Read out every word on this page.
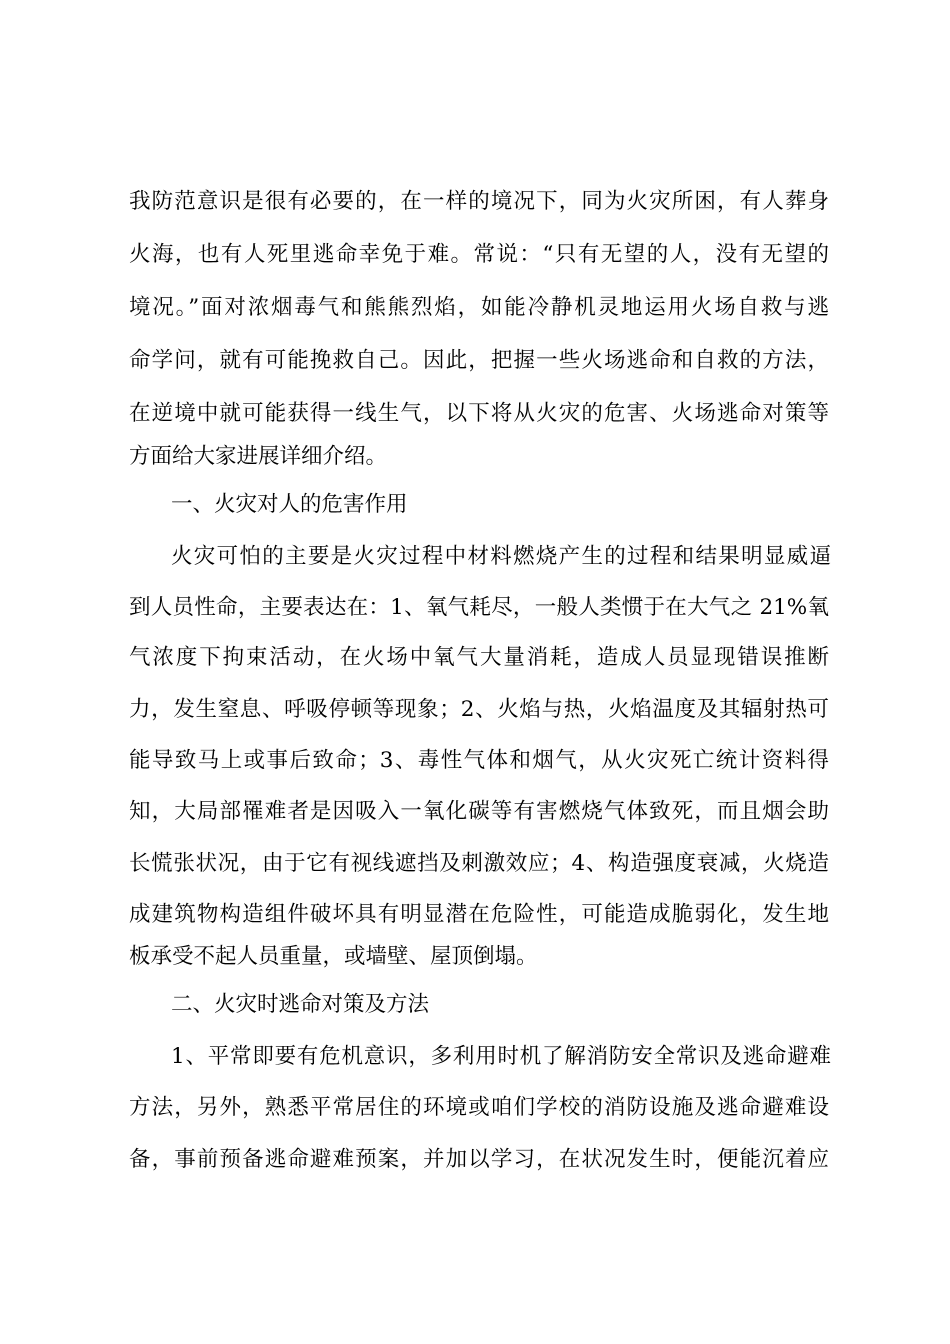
我防范意识是很有必要的，在一样的境况下，同为火灾所困，有人葬身
火海，也有人死里逃命幸免于难。常说：“只有无望的人，没有无望的
境况。”面对浓烟毒气和熊熊烈焰，如能冷静机灵地运用火场自救与逃
命学问，就有可能挽救自己。因此，把握一些火场逃命和自救的方法，
在逆境中就可能获得一线生气，以下将从火灾的危害、火场逃命对策等
方面给大家进展详细介绍。
一、火灾对人的危害作用
火灾可怕的主要是火灾过程中材料燃烧产生的过程和结果明显威逼
到人员性命，主要表达在：1、氧气耗尽，一般人类惯于在大气之 21%氧
气浓度下拘束活动，在火场中氧气大量消耗，造成人员显现错误推断
力，发生窒息、呼吸停顿等现象；2、火焰与热，火焰温度及其辐射热可
能导致马上或事后致命；3、毒性气体和烟气，从火灾死亡统计资料得
知，大局部罹难者是因吸入一氧化碳等有害燃烧气体致死，而且烟会助
长慌张状况，由于它有视线遮挡及刺激效应；4、构造强度衰减，火烧造
成建筑物构造组件破坏具有明显潜在危险性，可能造成脆弱化，发生地
板承受不起人员重量，或墙壁、屋顶倒塌。
二、火灾时逃命对策及方法
1、平常即要有危机意识，多利用时机了解消防安全常识及逃命避难
方法，另外，熟悉平常居住的环境或咱们学校的消防设施及逃命避难设
备，事前预备逃命避难预案，并加以学习，在状况发生时，便能沉着应
